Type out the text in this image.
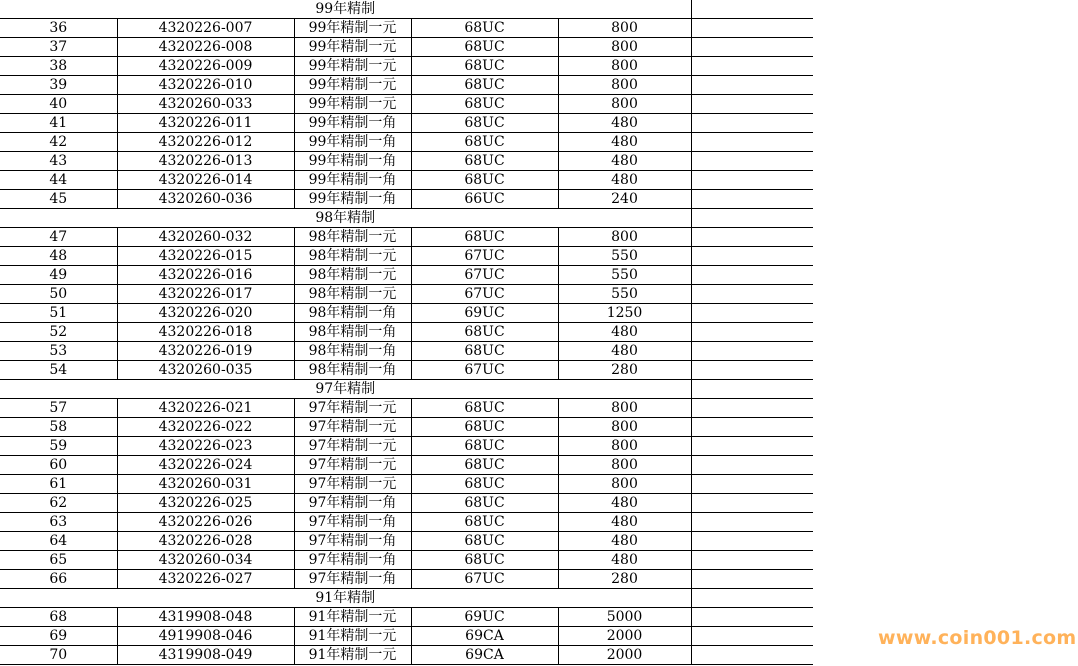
99年精制					
36	4320226-007	99年精制一元	68UC	800	
37	4320226-008	99年精制一元	68UC	800	
38	4320226-009	99年精制一元	68UC	800	
39	4320226-010	99年精制一元	68UC	800	
40	4320260-033	99年精制一元	68UC	800	
41	4320226-011	99年精制一角	68UC	480	
42	4320226-012	99年精制一角	68UC	480	
43	4320226-013	99年精制一角	68UC	480	
44	4320226-014	99年精制一角	68UC	480	
45	4320260-036	99年精制一角	66UC	240	
98年精制					
47	4320260-032	98年精制一元	68UC	800	
48	4320226-015	98年精制一元	67UC	550	
49	4320226-016	98年精制一元	67UC	550	
50	4320226-017	98年精制一元	67UC	550	
51	4320226-020	98年精制一角	69UC	1250	
52	4320226-018	98年精制一角	68UC	480	
53	4320226-019	98年精制一角	68UC	480	
54	4320260-035	98年精制一角	67UC	280	
97年精制					
57	4320226-021	97年精制一元	68UC	800	
58	4320226-022	97年精制一元	68UC	800	
59	4320226-023	97年精制一元	68UC	800	
60	4320226-024	97年精制一元	68UC	800	
61	4320260-031	97年精制一元	68UC	800	
62	4320226-025	97年精制一角	68UC	480	
63	4320226-026	97年精制一角	68UC	480	
64	4320226-028	97年精制一角	68UC	480	
65	4320260-034	97年精制一角	68UC	480	
66	4320226-027	97年精制一角	67UC	280	
91年精制					
68	4319908-048	91年精制一元	69UC	5000	
69	4919908-046	91年精制一元	69CA	2000	
70	4319908-049	91年精制一元	69CA	2000	
www.coin001.com
